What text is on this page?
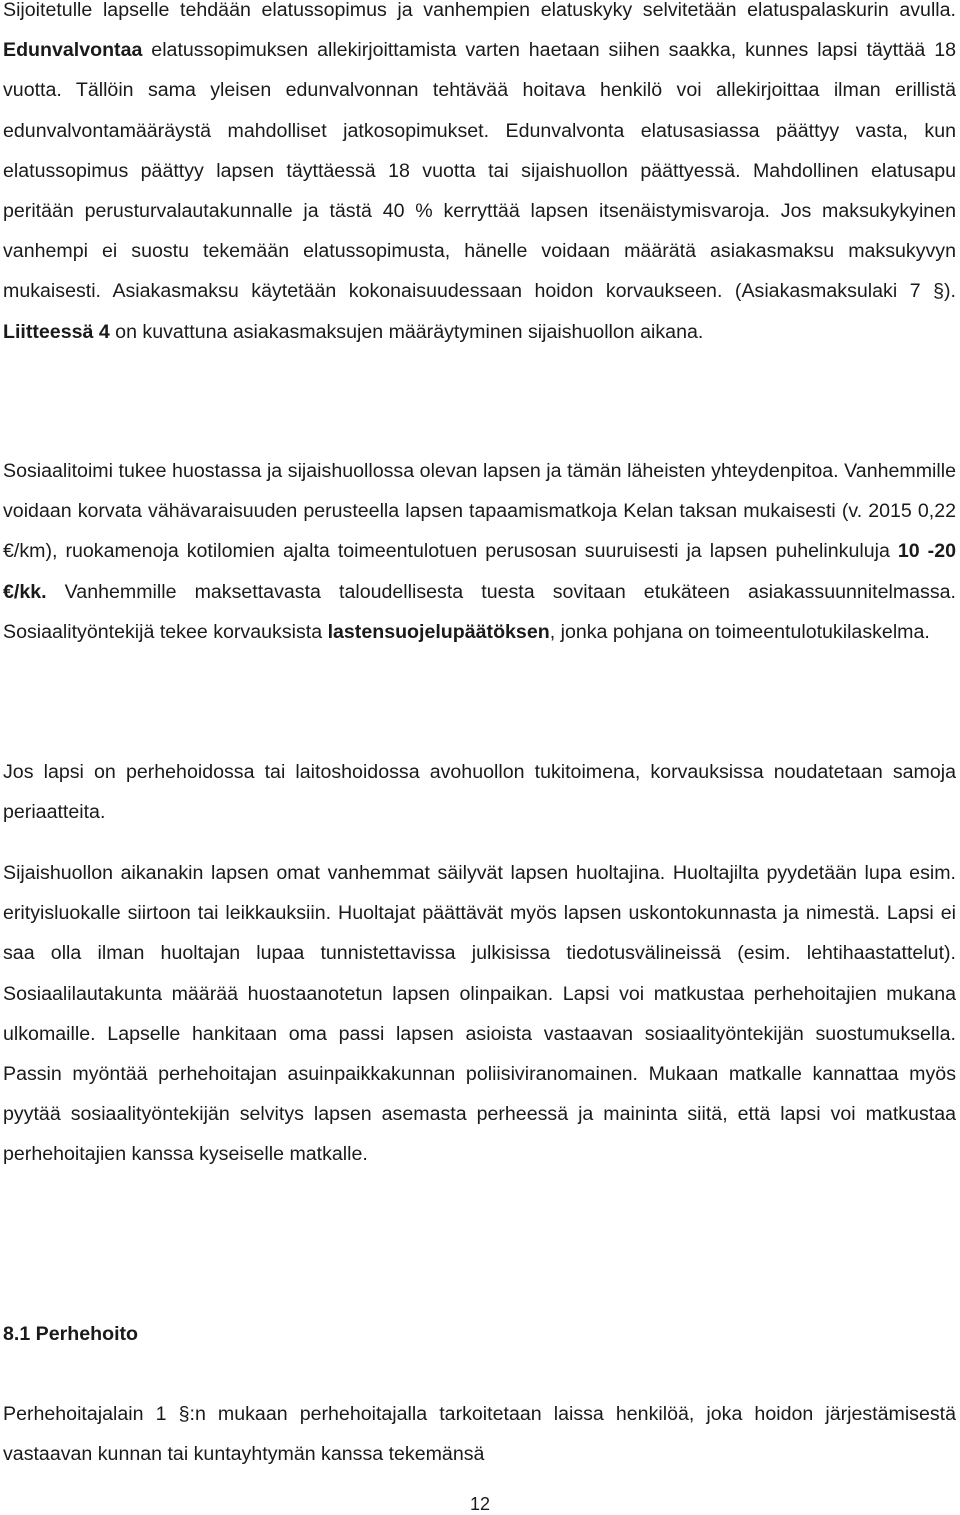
Sijoitetulle lapselle tehdään elatussopimus ja vanhempien elatuskyky selvitetään elatuspalaskurin avulla. Edunvalvontaa elatussopimuksen allekirjoittamista varten haetaan siihen saakka, kunnes lapsi täyttää 18 vuotta. Tällöin sama yleisen edunvalvonnan tehtävää hoitava henkilö voi allekirjoittaa ilman erillistä edunvalvontamääräystä mahdolliset jatkosopimukset. Edunvalvonta elatusasiassa päättyy vasta, kun elatussopimus päättyy lapsen täyttäessä 18 vuotta tai sijaishuollon päättyessä. Mahdollinen elatusapu peritään perusturvalautakunnalle ja tästä 40 % kerryttää lapsen itsenäistymisvaroja. Jos maksukykyinen vanhempi ei suostu tekemään elatussopimusta, hänelle voidaan määrätä asiakasmaksu maksukyvyn mukaisesti. Asiakasmaksu käytetään kokonaisuudessaan hoidon korvaukseen. (Asiakasmaksulaki 7 §). Liitteessä 4 on kuvattuna asiakasmaksujen määräytyminen sijaishuollon aikana.

Sosiaalitoimi tukee huostassa ja sijaishuollossa olevan lapsen ja tämän läheisten yhteydenpitoa. Vanhemmille voidaan korvata vähävaraisuuden perusteella lapsen tapaamismatkoja Kelan taksan mukaisesti (v. 2015 0,22 €/km), ruokamenoja kotilomien ajalta toimeentulotuen perusosan suuruisesti ja lapsen puhelinkuluja 10 -20 €/kk. Vanhemmille maksettavasta taloudellisesta tuesta sovitaan etukäteen asiakassuunnitelmassa. Sosiaalityöntekijä tekee korvauksista lastensuojelupäätöksen, jonka pohjana on toimeentulotukilaskelma.

Jos lapsi on perhehoidossa tai laitoshoidossa avohuollon tukitoimena, korvauksissa noudatetaan samoja periaatteita.

Sijaishuollon aikanakin lapsen omat vanhemmat säilyvät lapsen huoltajina. Huoltajilta pyydetään lupa esim. erityisluokalle siirtoon tai leikkauksiin. Huoltajat päättävät myös lapsen uskontokunnasta ja nimestä. Lapsi ei saa olla ilman huoltajan lupaa tunnistettavissa julkisissa tiedotusvälineissä (esim. lehtihaastattelut). Sosiaalilautakunta määrää huostaanotetun lapsen olinpaikan. Lapsi voi matkustaa perhehoitajien mukana ulkomaille. Lapselle hankitaan oma passi lapsen asioista vastaavan sosiaalityöntekijän suostumuksella. Passin myöntää perhehoitajan asuinpaikkakunnan poliisiviranomainen. Mukaan matkalle kannattaa myös pyytää sosiaalityöntekijän selvitys lapsen asemasta perheessä ja maininta siitä, että lapsi voi matkustaa perhehoitajien kanssa kyseiselle matkalle.

8.1 Perhehoito

Perhehoitajalain 1 §:n mukaan perhehoitajalla tarkoitetaan laissa henkilöä, joka hoidon järjestämisestä vastaavan kunnan tai kuntayhtymän kanssa tekemänsä

12
